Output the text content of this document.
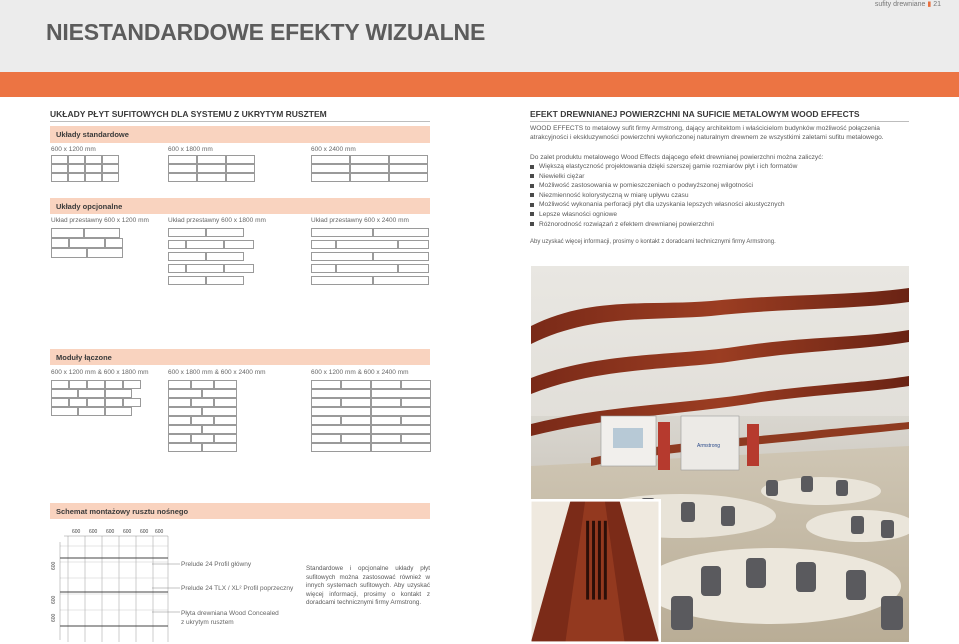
sufity drewniane ▮ 21
NIESTANDARDOWE EFEKTY WIZUALNE
UKŁADY PŁYT SUFITOWYCH DLA SYSTEMU Z UKRYTYM RUSZTEM
Układy standardowe
600 x 1200 mm	600 x 1800 mm	600 x 2400 mm
Układy opcjonalne
Układ przestawny 600 x 1200 mm	Układ przestawny 600 x 1800 mm	Układ przestawny 600 x 2400 mm
Moduły łączone
600 x 1200 mm & 600 x 1800 mm	600 x 1800 mm & 600 x 2400 mm	600 x 1200 mm & 600 x 2400 mm
Schemat montażowy rusztu nośnego
600 600 600 600 600 600
600
600
600
Prelude 24 Profil główny
Prelude 24 TLX / XL² Profil poprzeczny
Płyta drewniana Wood Concealed z ukrytym rusztem
Standardowe i opcjonalne układy płyt sufitowych można zastosować również w innych systemach sufitowych. Aby uzyskać więcej informacji, prosimy o kontakt z doradcami technicznymi firmy Armstrong.
EFEKT DREWNIANEJ POWIERZCHNI NA SUFICIE METALOWYM WOOD EFFECTS
WOOD EFFECTS to metalowy sufit firmy Armstrong, dający architektom i właścicielom budynków możliwość połączenia atrakcyjności i ekskluzywności powierzchni wykończonej naturalnym drewnem ze wszystkimi zaletami sufitu metalowego.
Do zalet produktu metalowego Wood Effects dającego efekt drewnianej powierzchni można zaliczyć:
Większą elastyczność projektowania dzięki szerszej gamie rozmiarów płyt i ich formatów
Niewielki ciężar
Możliwość zastosowania w pomieszczeniach o podwyższonej wilgotności
Niezmienność kolorystyczną w miarę upływu czasu
Możliwość wykonania perforacji płyt dla uzyskania lepszych własności akustycznych
Lepsze własności ogniowe
Różnorodność rozwiązań z efektem drewnianej powierzchni
Aby uzyskać więcej informacji, prosimy o kontakt z doradcami technicznymi firmy Armstrong.
Armstrong
